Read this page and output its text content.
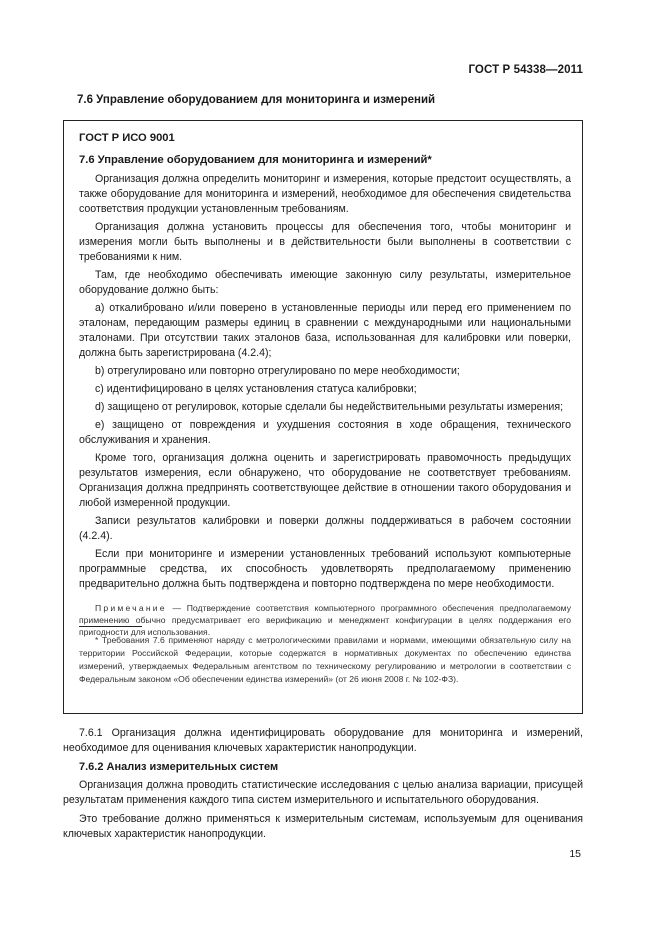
ГОСТ Р 54338—2011
7.6 Управление оборудованием для мониторинга и измерений
ГОСТ Р ИСО 9001
7.6 Управление оборудованием для мониторинга и измерений*

Организация должна определить мониторинг и измерения, которые предстоит осуществлять, а также оборудование для мониторинга и измерений, необходимое для обеспечения свидетельства соответствия продукции установленным требованиям.

Организация должна установить процессы для обеспечения того, чтобы мониторинг и измерения могли быть выполнены и в действительности были выполнены в соответствии с требованиями к ним.

Там, где необходимо обеспечивать имеющие законную силу результаты, измерительное оборудование должно быть:

a) откалибровано и/или поверено в установленные периоды или перед его применением по эталонам, передающим размеры единиц в сравнении с международными или национальными эталонами. При отсутствии таких эталонов база, использованная для калибровки или поверки, должна быть зарегистрирована (4.2.4);

b) отрегулировано или повторно отрегулировано по мере необходимости;

c) идентифицировано в целях установления статуса калибровки;

d) защищено от регулировок, которые сделали бы недействительными результаты измерения;

e) защищено от повреждения и ухудшения состояния в ходе обращения, технического обслуживания и хранения.

Кроме того, организация должна оценить и зарегистрировать правомочность предыдущих результатов измерения, если обнаружено, что оборудование не соответствует требованиям. Организация должна предпринять соответствующее действие в отношении такого оборудования и любой измеренной продукции.

Записи результатов калибровки и поверки должны поддерживаться в рабочем состоянии (4.2.4).

Если при мониторинге и измерении установленных требований используют компьютерные программные средства, их способность удовлетворять предполагаемому применению предварительно должна быть подтверждена и повторно подтверждена по мере необходимости.

Примечание — Подтверждение соответствия компьютерного программного обеспечения предполагаемому применению обычно предусматривает его верификацию и менеджмент конфигурации в целях поддержания его пригодности для использования.

* Требования 7.6 применяют наряду с метрологическими правилами и нормами, имеющими обязательную силу на территории Российской Федерации, которые содержатся в нормативных документах по обеспечению единства измерений, утверждаемых Федеральным агентством по техническому регулированию и метрологии в соответствии с Федеральным законом «Об обеспечении единства измерений» (от 26 июня 2008 г. № 102-ФЗ).

7.6.1 Организация должна идентифицировать оборудование для мониторинга и измерений, необходимое для оценивания ключевых характеристик нанопродукции.

7.6.2 Анализ измерительных систем

Организация должна проводить статистические исследования с целью анализа вариации, присущей результатам применения каждого типа систем измерительного и испытательного оборудования.

Это требование должно применяться к измерительным системам, используемым для оценивания ключевых характеристик нанопродукции.

15
